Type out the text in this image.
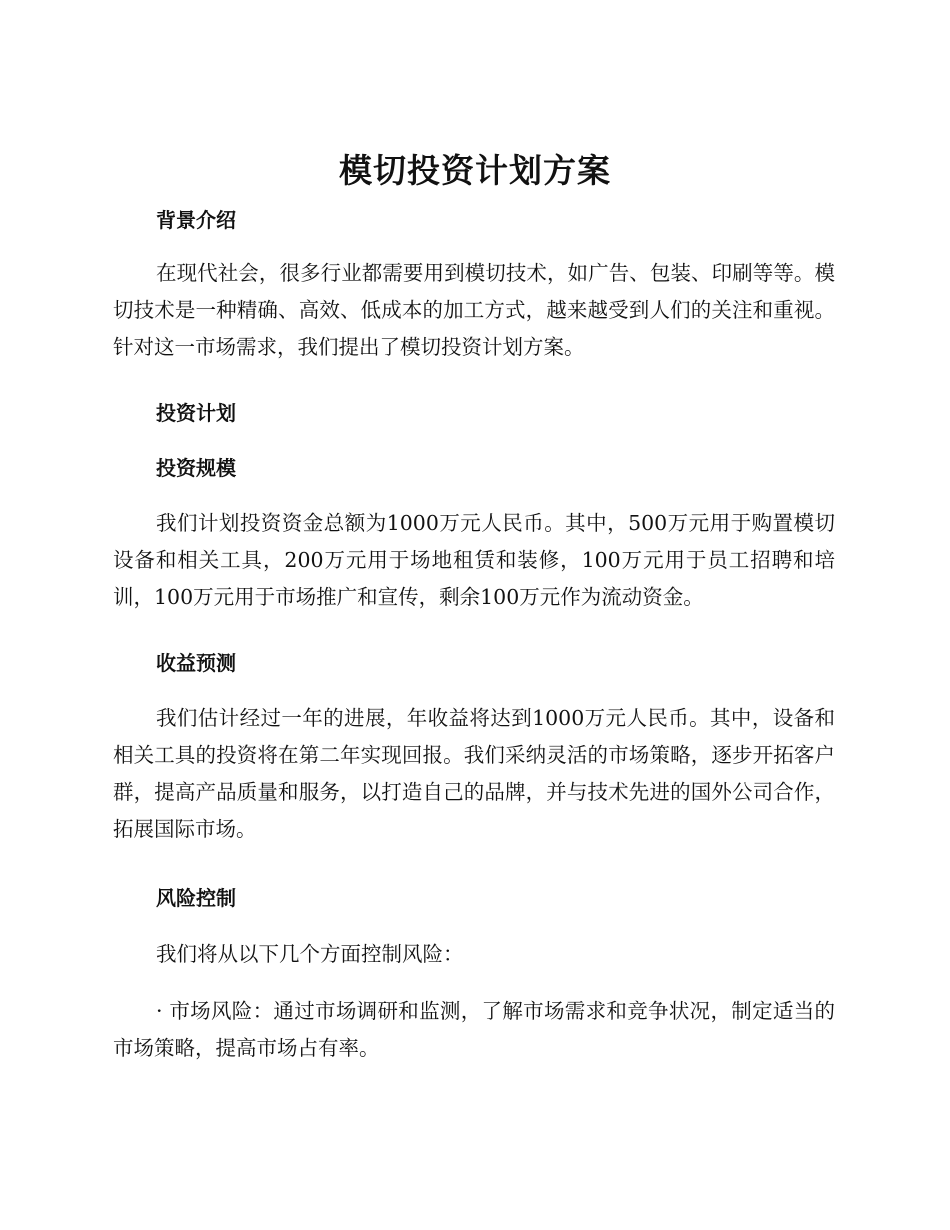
模切投资计划方案
背景介绍

在现代社会，很多行业都需要用到模切技术，如广告、包装、印刷等等。模切技术是一种精确、高效、低成本的加工方式，越来越受到人们的关注和重视。针对这一市场需求，我们提出了模切投资计划方案。

投资计划
投资规模

我们计划投资资金总额为1000万元人民币。其中，500万元用于购置模切设备和相关工具，200万元用于场地租赁和装修，100万元用于员工招聘和培训，100万元用于市场推广和宣传，剩余100万元作为流动资金。

收益预测

我们估计经过一年的进展，年收益将达到1000万元人民币。其中，设备和相关工具的投资将在第二年实现回报。我们采纳灵活的市场策略，逐步开拓客户群，提高产品质量和服务，以打造自己的品牌，并与技术先进的国外公司合作，拓展国际市场。

风险控制

我们将从以下几个方面控制风险：

· 市场风险：通过市场调研和监测，了解市场需求和竞争状况，制定适当的市场策略，提高市场占有率。
